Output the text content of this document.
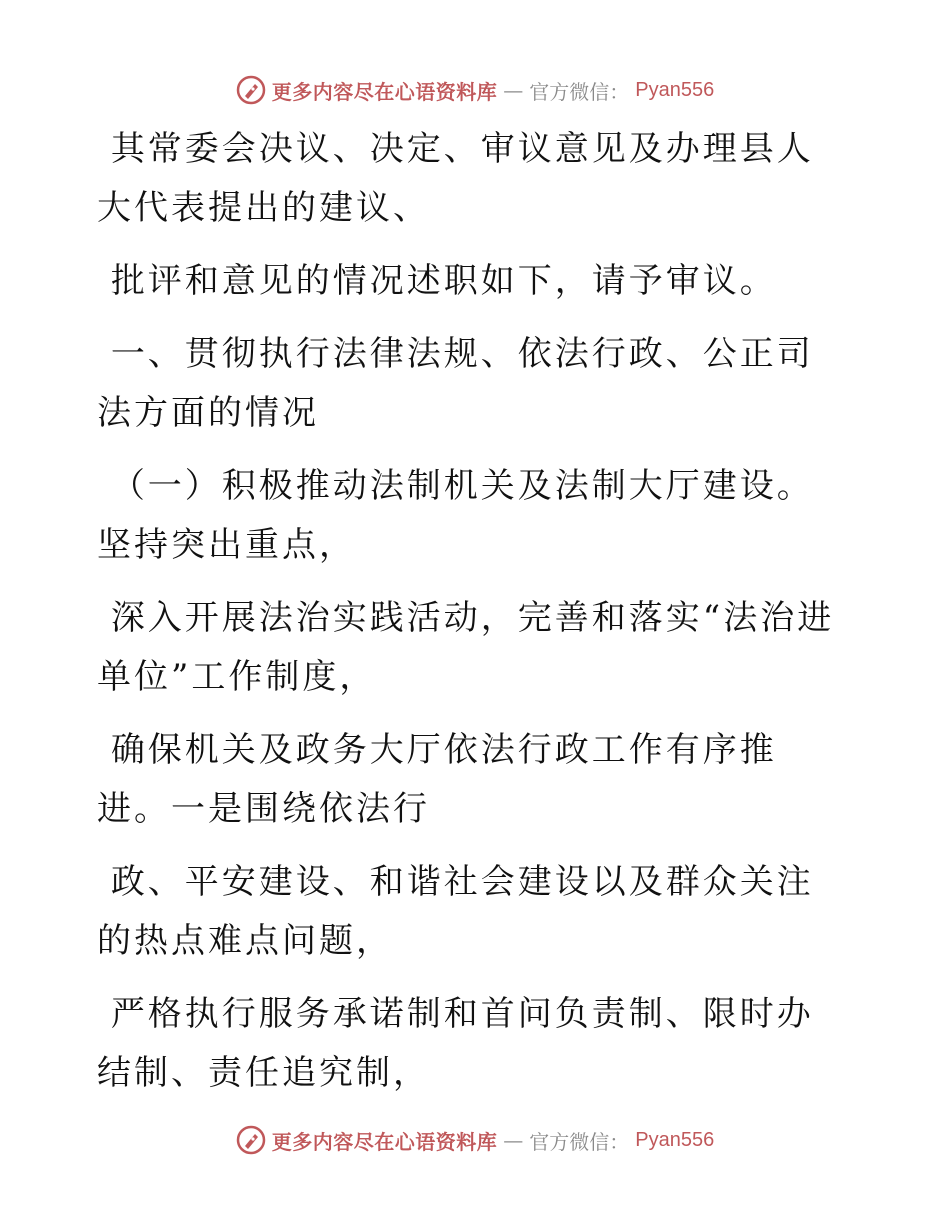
更多内容尽在心语资料库 — 官方微信： Pyan556

其常委会决议、决定、审议意见及办理县人大代表提出的建议、

批评和意见的情况述职如下，请予审议。

一、贯彻执行法律法规、依法行政、公正司法方面的情况

（一）积极推动法制机关及法制大厅建设。坚持突出重点，

深入开展法治实践活动，完善和落实“法治进单位”工作制度，

确保机关及政务大厅依法行政工作有序推进。一是围绕依法行

政、平安建设、和谐社会建设以及群众关注的热点难点问题，

严格执行服务承诺制和首问负责制、限时办结制、责任追究制，

更多内容尽在心语资料库 — 官方微信： Pyan556
